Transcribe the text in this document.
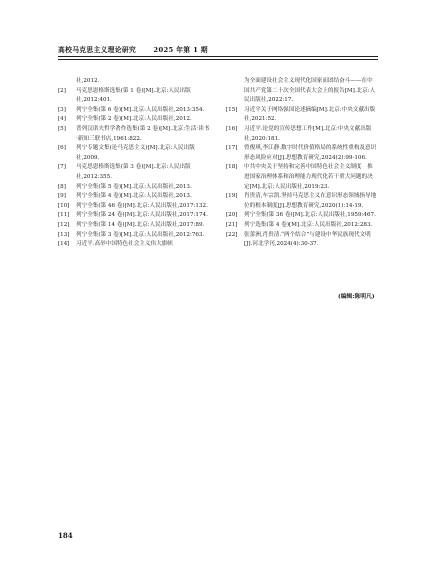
高校马克思主义理论研究	2025 年第 1 期
社,2012.
[2] 马克思恩格斯选集(第 1 卷)[M].北京:人民出版社,2012:401.
[3] 列宁全集(第 6 卷)[M].北京:人民出版社,2013:354.
[4] 列宁全集(第 2 卷)[M].北京:人民出版社,2012.
[5] 普列汉诺夫哲学著作选集(第 2 卷)[M].北京:生活·读书·新知三联书店,1961:822.
[6] 列宁专题文集(论马克思主义)[M].北京:人民出版社,2009.
[7] 马克思恩格斯选集(第 3 卷)[M].北京:人民出版社,2012:355.
[8] 列宁全集(第 5 卷)[M].北京:人民出版社,2013.
[9] 列宁全集(第 4 卷)[M].北京:人民出版社,2013.
[10] 列宁全集(第 46 卷)[M].北京:人民出版社,2017:132.
[11] 列宁全集(第 24 卷)[M].北京:人民出版社,2017:174.
[12] 列宁全集(第 14 卷)[M].北京:人民出版社,2017:89.
[13] 列宁全集(第 3 卷)[M].北京:人民出版社,2012:763.
[14] 习近平.高举中国特色社会主义伟大旗帜
为全面建设社会主义现代化国家而团结奋斗——在中国共产党第二十次全国代表大会上的报告[M].北京:人民出版社,2022:17.
[15] 习近平关于网络强国论述摘编[M].北京:中央文献出版社,2021:52.
[16] 习近平.论党的宣传思想工作[M].北京:中央文献出版社,2020:181.
[17] 曾俊琪,李江静.数字时代价值格局的系统性重构及意识形态风险应对[J].思想教育研究,2024(2):99-106.
[18] 中共中央关于坚持和完善中国特色社会主义制度　推进国家治理体系和治理能力现代化若干重大问题的决定[M].北京:人民出版社,2019:23.
[19] 肖贵清,车宗凯.坚持马克思主义在意识形态领域指导地位的根本制度[J].思想教育研究,2020(1):14-19.
[20] 列宁全集(第 36 卷)[M].北京:人民出版社,1959:467.
[21] 列宁选集(第 4 卷)[M].北京:人民出版社,2012:283.
[22] 张蕾洲,肖贵清.“两个结合”与建设中华民族现代文明[J].河北学刊,2024(4):30-37.
(编辑:陈明凡)
184
